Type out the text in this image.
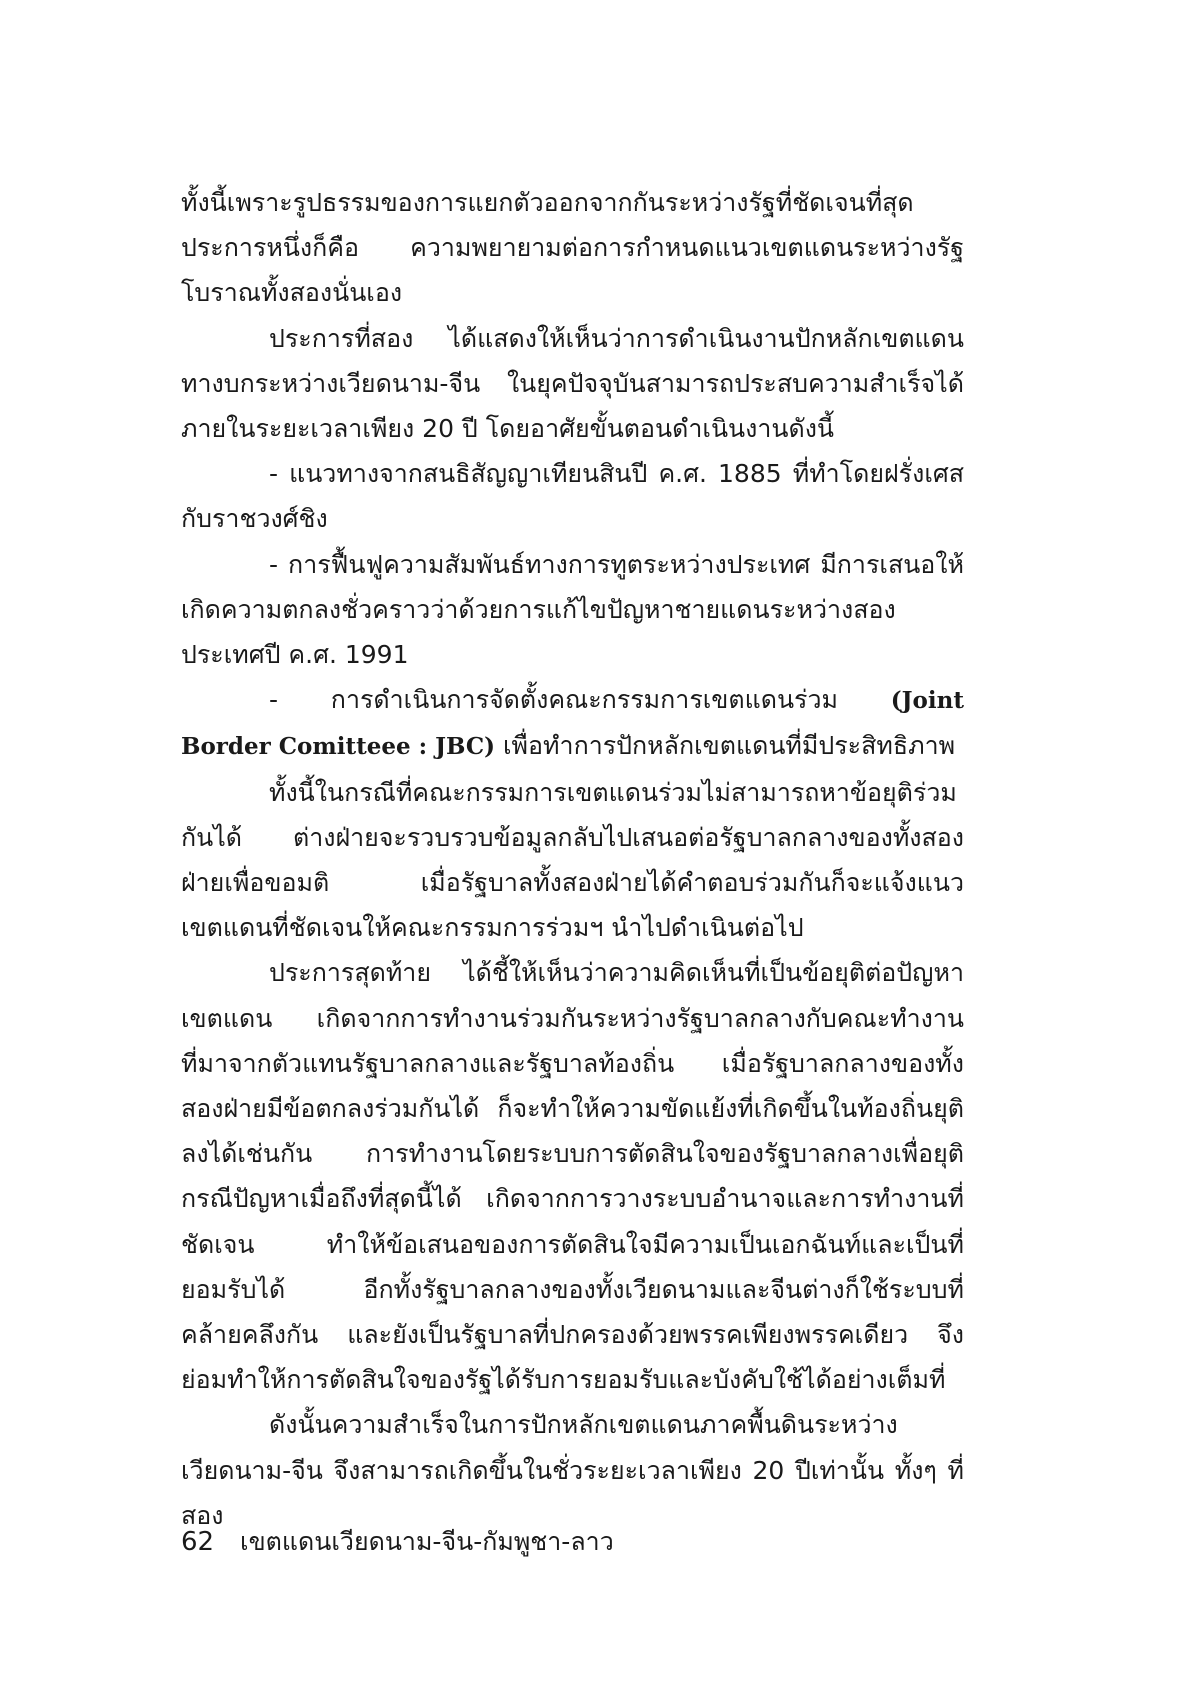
ทั้งนี้เพราะรูปธรรมของการแยกตัวออกจากกันระหว่างรัฐที่ชัดเจนที่สุดประการหนึ่งก็คือ ความพยายามต่อการกำหนดแนวเขตแดนระหว่างรัฐโบราณทั้งสองนั่นเอง

ประการที่สอง ได้แสดงให้เห็นว่าการดำเนินงานปักหลักเขตแดนทางบกระหว่างเวียดนาม-จีน ในยุคปัจจุบันสามารถประสบความสำเร็จได้ภายในระยะเวลาเพียง 20 ปี โดยอาศัยขั้นตอนดำเนินงานดังนี้

- แนวทางจากสนธิสัญญาเทียนสินปี ค.ศ. 1885 ที่ทำโดยฝรั่งเศสกับราชวงศ์ชิง

- การฟื้นฟูความสัมพันธ์ทางการทูตระหว่างประเทศ มีการเสนอให้เกิดความตกลงชั่วคราวว่าด้วยการแก้ไขปัญหาชายแดนระหว่างสองประเทศปี ค.ศ. 1991

- การดำเนินการจัดตั้งคณะกรรมการเขตแดนร่วม (Joint Border Comitteee : JBC) เพื่อทำการปักหลักเขตแดนที่มีประสิทธิภาพ

ทั้งนี้ในกรณีที่คณะกรรมการเขตแดนร่วมไม่สามารถหาข้อยุติร่วมกันได้ ต่างฝ่ายจะรวบรวบข้อมูลกลับไปเสนอต่อรัฐบาลกลางของทั้งสองฝ่ายเพื่อขอมติ เมื่อรัฐบาลทั้งสองฝ่ายได้คำตอบร่วมกันก็จะแจ้งแนวเขตแดนที่ชัดเจนให้คณะกรรมการร่วมฯ นำไปดำเนินต่อไป

ประการสุดท้าย ได้ชี้ให้เห็นว่าความคิดเห็นที่เป็นข้อยุติต่อปัญหาเขตแดน เกิดจากการทำงานร่วมกันระหว่างรัฐบาลกลางกับคณะทำงานที่มาจากตัวแทนรัฐบาลกลางและรัฐบาลท้องถิ่น เมื่อรัฐบาลกลางของทั้งสองฝ่ายมีข้อตกลงร่วมกันได้ ก็จะทำให้ความขัดแย้งที่เกิดขึ้นในท้องถิ่นยุติลงได้เช่นกัน การทำงานโดยระบบการตัดสินใจของรัฐบาลกลางเพื่อยุติกรณีปัญหาเมื่อถึงที่สุดนี้ได้ เกิดจากการวางระบบอำนาจและการทำงานที่ชัดเจน ทำให้ข้อเสนอของการตัดสินใจมีความเป็นเอกฉันท์และเป็นที่ยอมรับได้ อีกทั้งรัฐบาลกลางของทั้งเวียดนามและจีนต่างก็ใช้ระบบที่คล้ายคลึงกัน และยังเป็นรัฐบาลที่ปกครองด้วยพรรคเพียงพรรคเดียว จึงย่อมทำให้การตัดสินใจของรัฐได้รับการยอมรับและบังคับใช้ได้อย่างเต็มที่

ดังนั้นความสำเร็จในการปักหลักเขตแดนภาคพื้นดินระหว่างเวียดนาม-จีน จึงสามารถเกิดขึ้นในชั่วระยะเวลาเพียง 20 ปีเท่านั้น ทั้งๆ ที่สอง

62 เขตแดนเวียดนาม-จีน-กัมพูชา-ลาว
